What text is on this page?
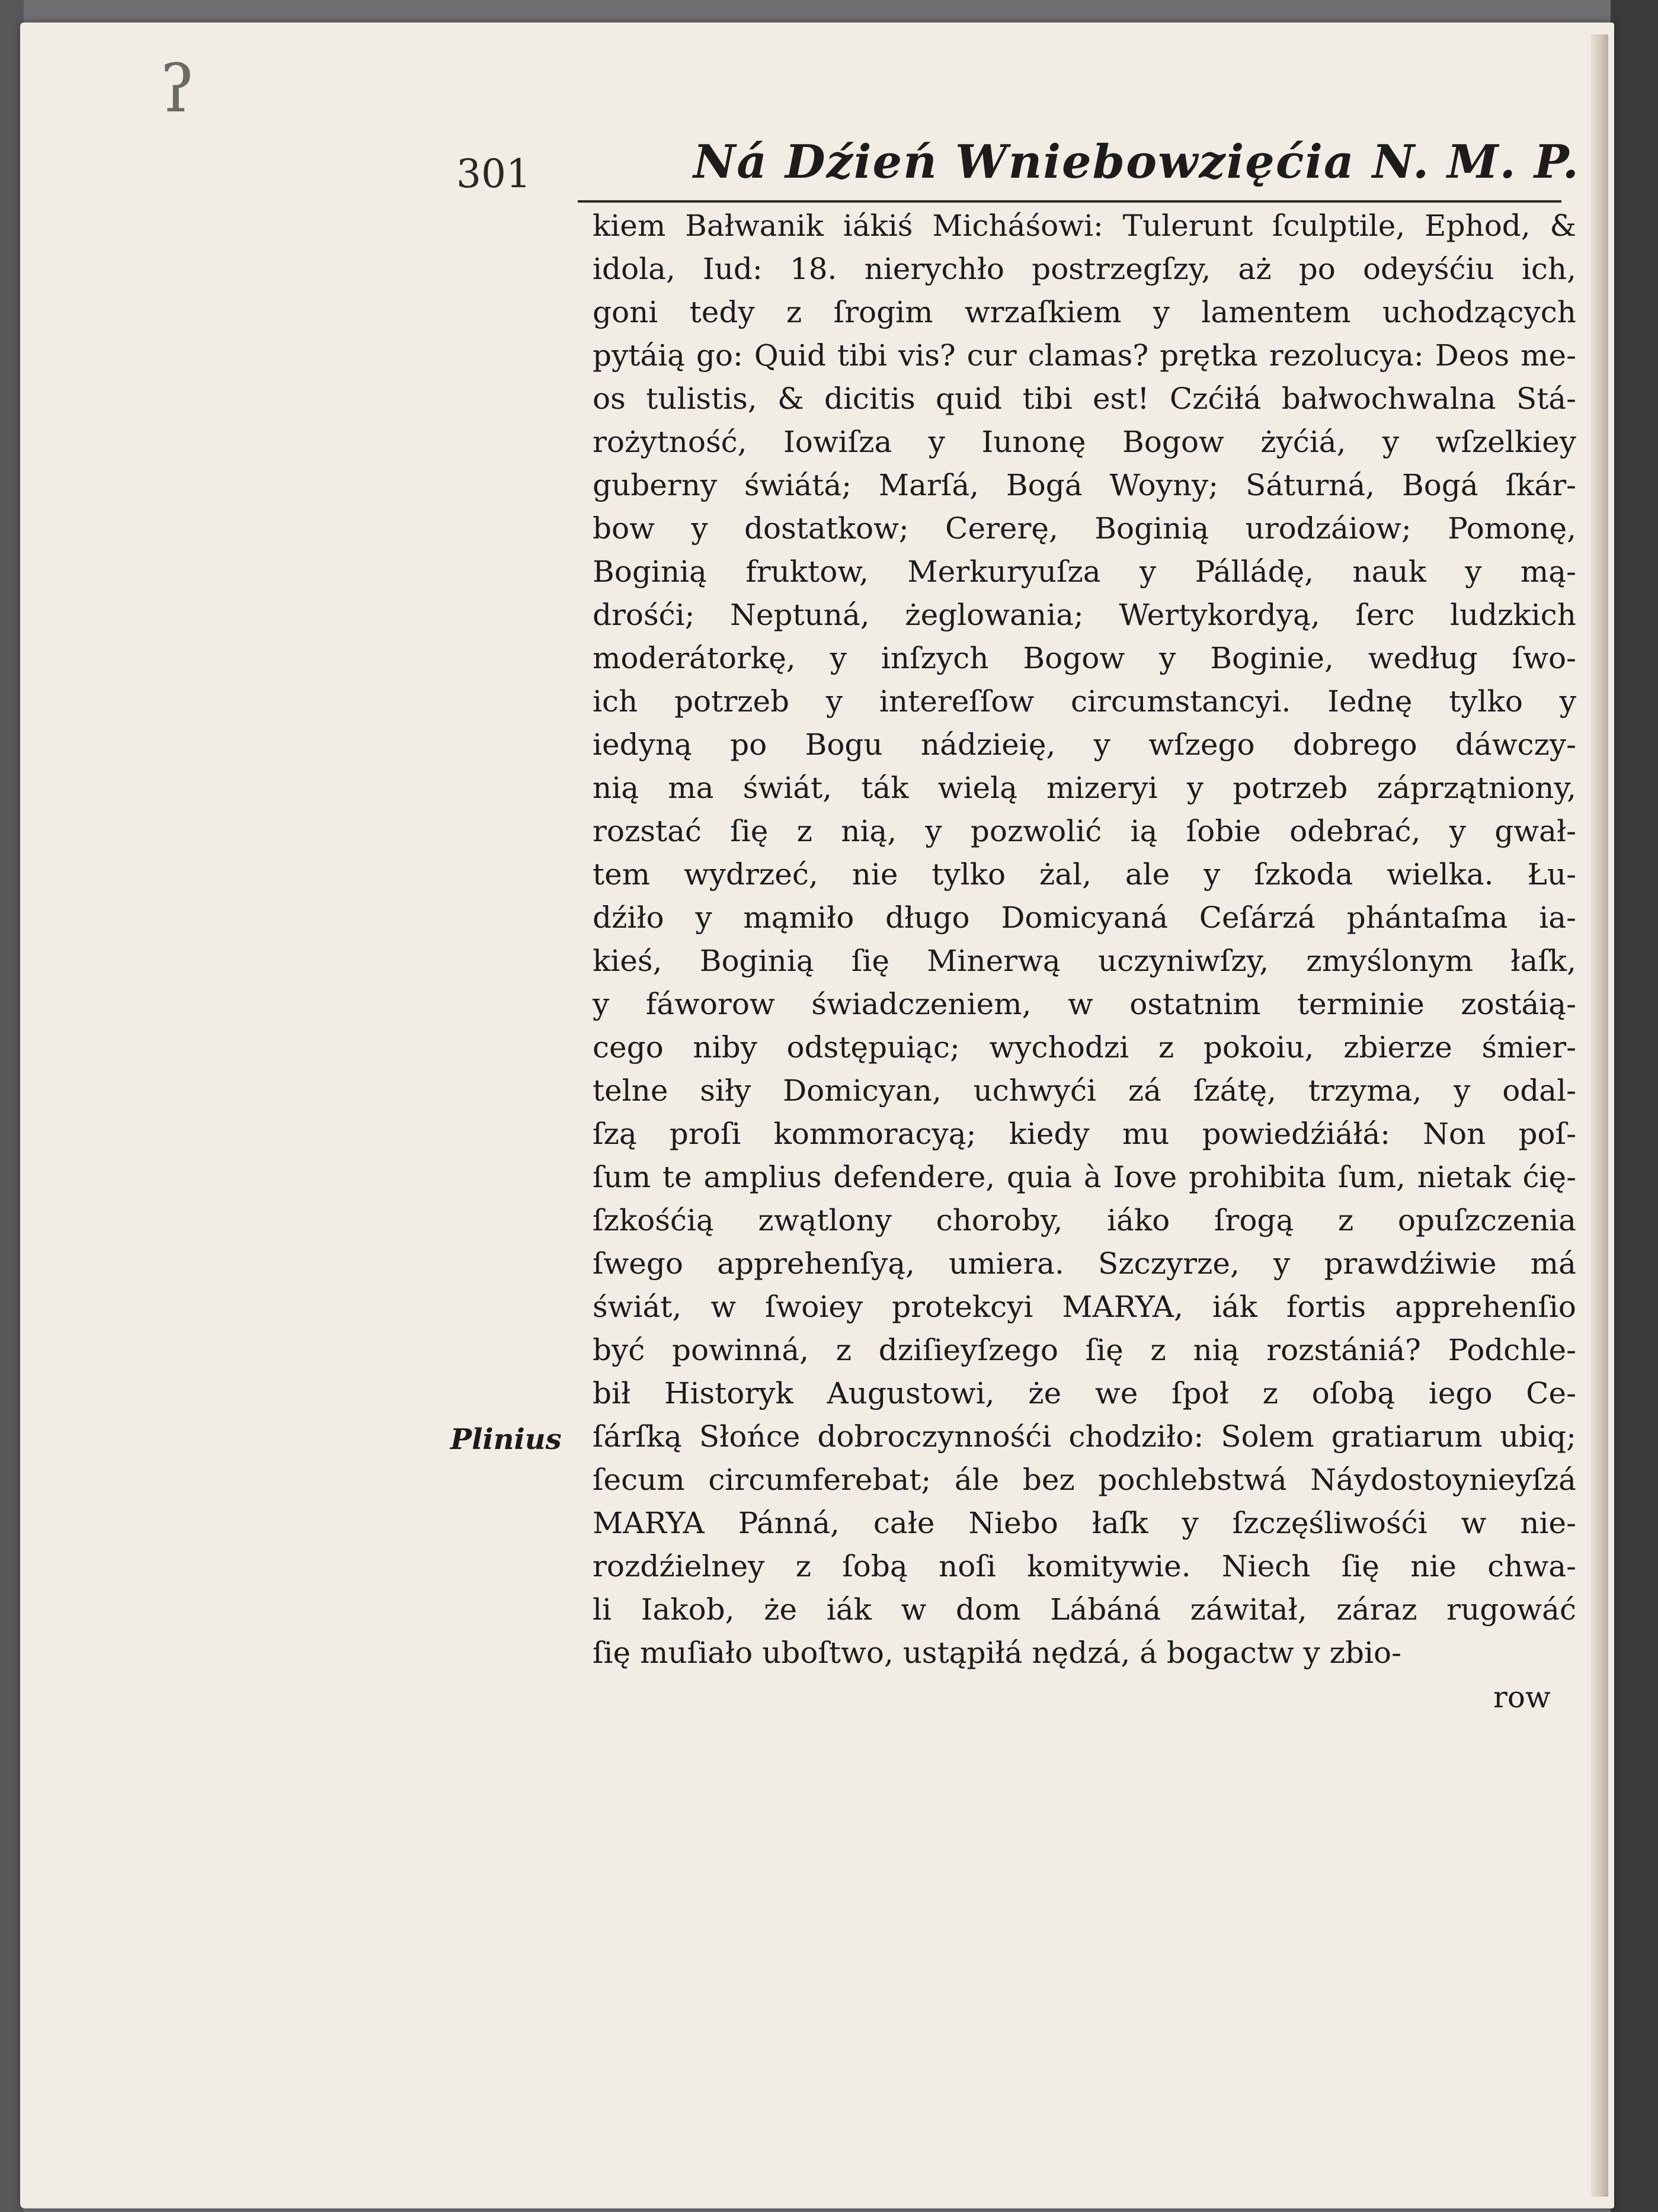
ʔ
301	Ná Dźień Wniebowzięćia N. M. P.
Plinius
kiem Bałwanik iákiś Micháśowi: Tulerunt ſculptile, Ephod, &
idola, Iud: 18. nierychło postrzegſzy, aż po odeyśćiu ich,
goni tedy z ſrogim wrzaſkiem y lamentem uchodzących
pytáią go: Quid tibi vis? cur clamas? prętka rezolucya: Deos me-
os tulistis, & dicitis quid tibi est! Czćiłá bałwochwalna Stá-
rożytność, Iowiſza y Iunonę Bogow żyćiá, y wſzelkiey
guberny świátá; Marſá, Bogá Woyny; Sáturná, Bogá ſkár-
bow y dostatkow; Cererę, Boginią urodzáiow; Pomonę,
Boginią fruktow, Merkuryuſza y Pálládę, nauk y mą-
drośći; Neptuná, żeglowania; Wertykordyą, ſerc ludzkich
moderátorkę, y inſzych Bogow y Boginie, według ſwo-
ich potrzeb y intereſſow circumstancyi. Iednę tylko y
iedyną po Bogu nádzieię, y wſzego dobrego dáwczy-
nią ma świát, ták wielą mizeryi y potrzeb záprzątniony,
rozstać ſię z nią, y pozwolić ią ſobie odebrać, y gwał-
tem wydrzeć, nie tylko żal, ale y ſzkoda wielka. Łu-
dźiło y mąmiło długo Domicyaná Ceſárzá phántaſma ia-
kieś, Boginią ſię Minerwą uczyniwſzy, zmyślonym łaſk,
y fáworow świadczeniem, w ostatnim terminie zostáią-
cego niby odstępuiąc; wychodzi z pokoiu, zbierze śmier-
telne siły Domicyan, uchwyći zá ſzátę, trzyma, y odal-
ſzą proſi kommoracyą; kiedy mu powiedźiáłá: Non poſ-
ſum te amplius defendere, quia à Iove prohibita ſum, nietak ćię-
ſzkośćią zwątlony choroby, iáko ſrogą z opuſzczenia
ſwego apprehenſyą, umiera. Szczyrze, y prawdźiwie má
świát, w ſwoiey protekcyi MARYA, iák fortis apprehenſio
być powinná, z dziſieyſzego ſię z nią rozstániá? Podchle-
bił Historyk Augustowi, że we ſpoł z oſobą iego Ce-
ſárſką Słońce dobroczynnośći chodziło: Solem gratiarum ubiq;
ſecum circumferebat; ále bez pochlebstwá Náydostoynieyſzá
MARYA Pánná, całe Niebo łaſk y ſzczęśliwośći w nie-
rozdźielney z ſobą noſi komitywie. Niech ſię nie chwa-
li Iakob, że iák w dom Lábáná záwitał, záraz rugowáć
ſię muſiało uboſtwo, ustąpiłá nędzá, á bogactw y zbio-
row
